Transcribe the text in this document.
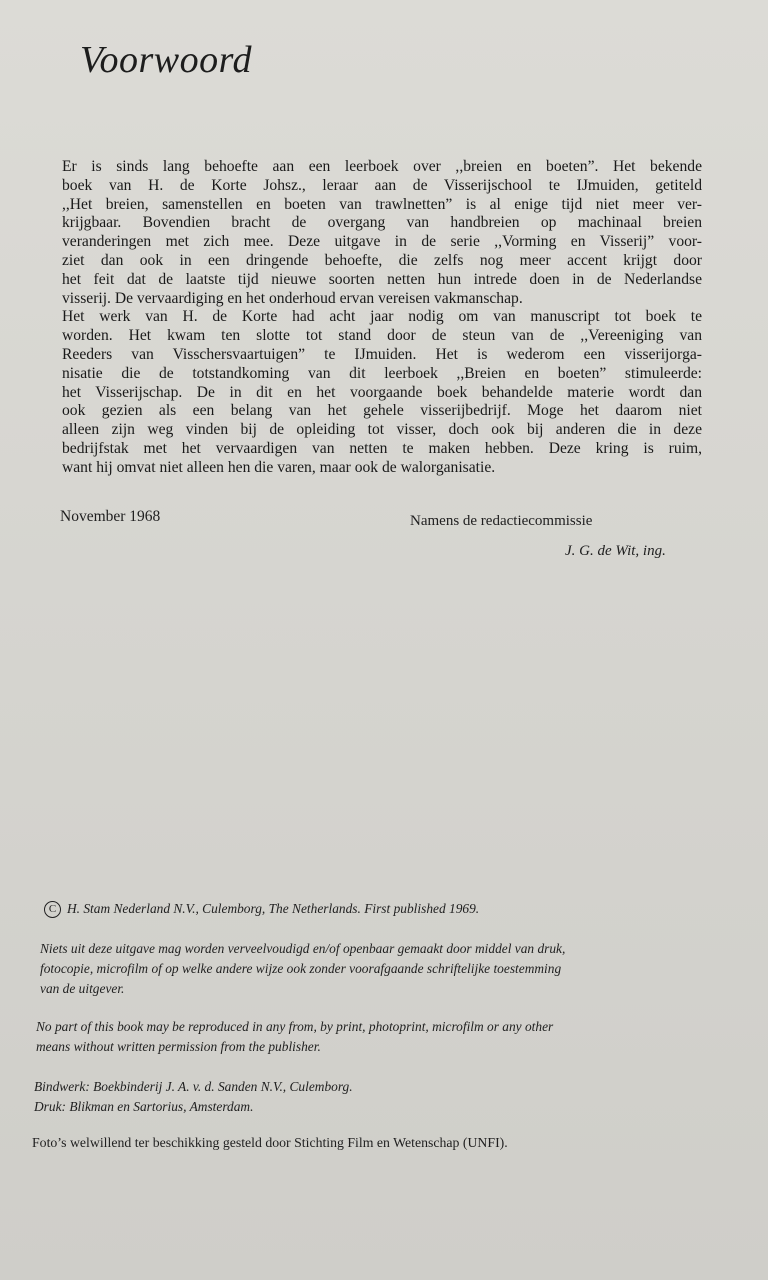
Voorwoord
Er is sinds lang behoefte aan een leerboek over ,,breien en boeten”. Het bekende
boek van H. de Korte Johsz., leraar aan de Visserijschool te IJmuiden, getiteld
,,Het breien, samenstellen en boeten van trawlnetten” is al enige tijd niet meer ver-
krijgbaar. Bovendien bracht de overgang van handbreien op machinaal breien
veranderingen met zich mee. Deze uitgave in de serie ,,Vorming en Visserij” voor-
ziet dan ook in een dringende behoefte, die zelfs nog meer accent krijgt door
het feit dat de laatste tijd nieuwe soorten netten hun intrede doen in de Nederlandse
visserij. De vervaardiging en het onderhoud ervan vereisen vakmanschap.
Het werk van H. de Korte had acht jaar nodig om van manuscript tot boek te
worden. Het kwam ten slotte tot stand door de steun van de ,,Vereeniging van
Reeders van Visschersvaartuigen” te IJmuiden. Het is wederom een visserijorga-
nisatie die de totstandkoming van dit leerboek ,,Breien en boeten” stimuleerde:
het Visserijschap. De in dit en het voorgaande boek behandelde materie wordt dan
ook gezien als een belang van het gehele visserijbedrijf. Moge het daarom niet
alleen zijn weg vinden bij de opleiding tot visser, doch ook bij anderen die in deze
bedrijfstak met het vervaardigen van netten te maken hebben. Deze kring is ruim,
want hij omvat niet alleen hen die varen, maar ook de walorganisatie.
November 1968	Namens de redactiecommissie
J. G. de Wit, ing.
C H. Stam Nederland N.V., Culemborg, The Netherlands. First published 1969.
Niets uit deze uitgave mag worden verveelvoudigd en/of openbaar gemaakt door middel van druk,
fotocopie, microfilm of op welke andere wijze ook zonder voorafgaande schriftelijke toestemming
van de uitgever.
No part of this book may be reproduced in any from, by print, photoprint, microfilm or any other
means without written permission from the publisher.
Bindwerk: Boekbinderij J. A. v. d. Sanden N.V., Culemborg.
Druk: Blikman en Sartorius, Amsterdam.
Foto’s welwillend ter beschikking gesteld door Stichting Film en Wetenschap (UNFI).
